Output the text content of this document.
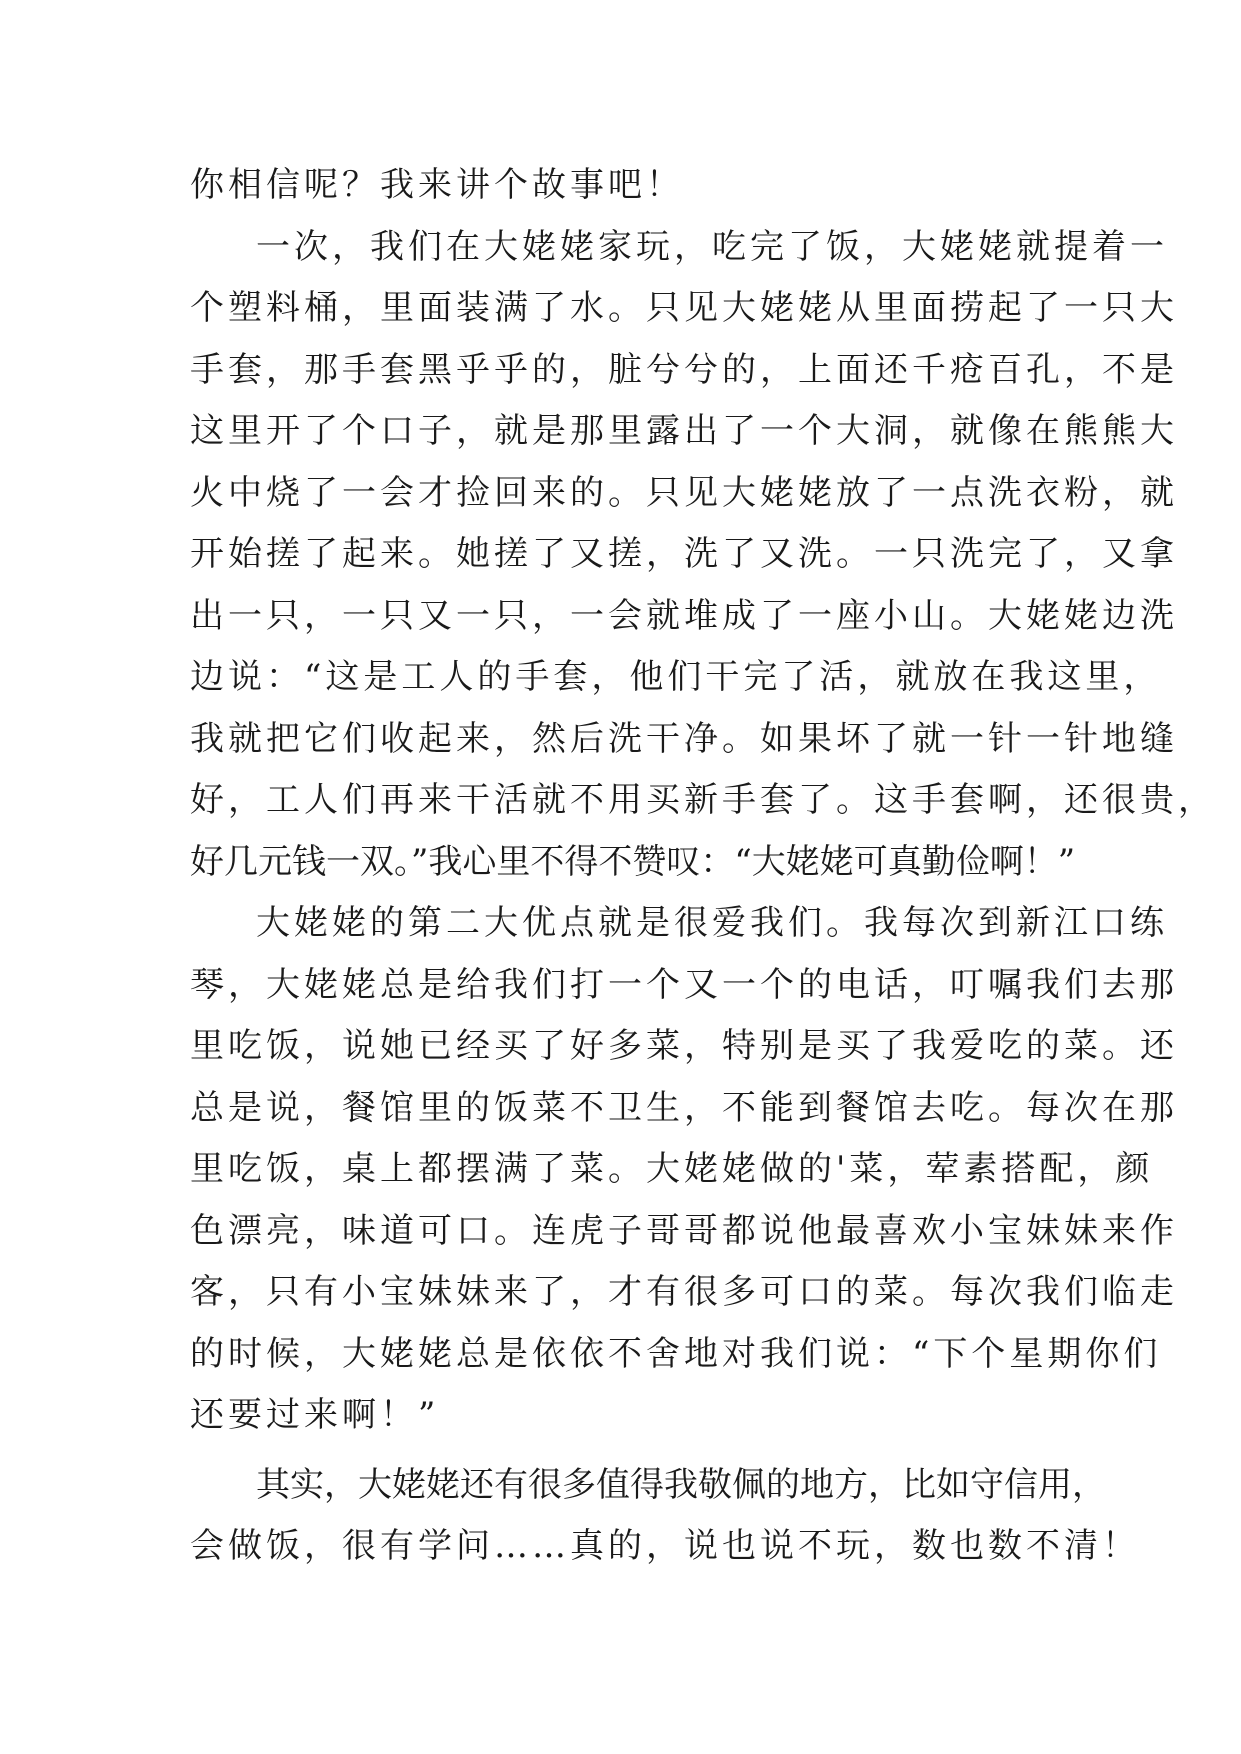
你相信呢？我来讲个故事吧！
一次，我们在大姥姥家玩，吃完了饭，大姥姥就提着一
个塑料桶，里面装满了水。只见大姥姥从里面捞起了一只大
手套，那手套黑乎乎的，脏兮兮的，上面还千疮百孔，不是
这里开了个口子，就是那里露出了一个大洞，就像在熊熊大
火中烧了一会才捡回来的。只见大姥姥放了一点洗衣粉，就
开始搓了起来。她搓了又搓，洗了又洗。一只洗完了，又拿
出一只，一只又一只，一会就堆成了一座小山。大姥姥边洗
边说：“这是工人的手套，他们干完了活，就放在我这里，
我就把它们收起来，然后洗干净。如果坏了就一针一针地缝
好，工人们再来干活就不用买新手套了。这手套啊，还很贵，
好几元钱一双。”我心里不得不赞叹：“大姥姥可真勤俭啊！”
大姥姥的第二大优点就是很爱我们。我每次到新江口练
琴，大姥姥总是给我们打一个又一个的电话，叮嘱我们去那
里吃饭，说她已经买了好多菜，特别是买了我爱吃的菜。还
总是说，餐馆里的饭菜不卫生，不能到餐馆去吃。每次在那
里吃饭，桌上都摆满了菜。大姥姥做的'菜，荤素搭配，颜
色漂亮，味道可口。连虎子哥哥都说他最喜欢小宝妹妹来作
客，只有小宝妹妹来了，才有很多可口的菜。每次我们临走
的时候，大姥姥总是依依不舍地对我们说：“下个星期你们
还要过来啊！”
其实，大姥姥还有很多值得我敬佩的地方，比如守信用，
会做饭，很有学问……真的，说也说不玩，数也数不清！
